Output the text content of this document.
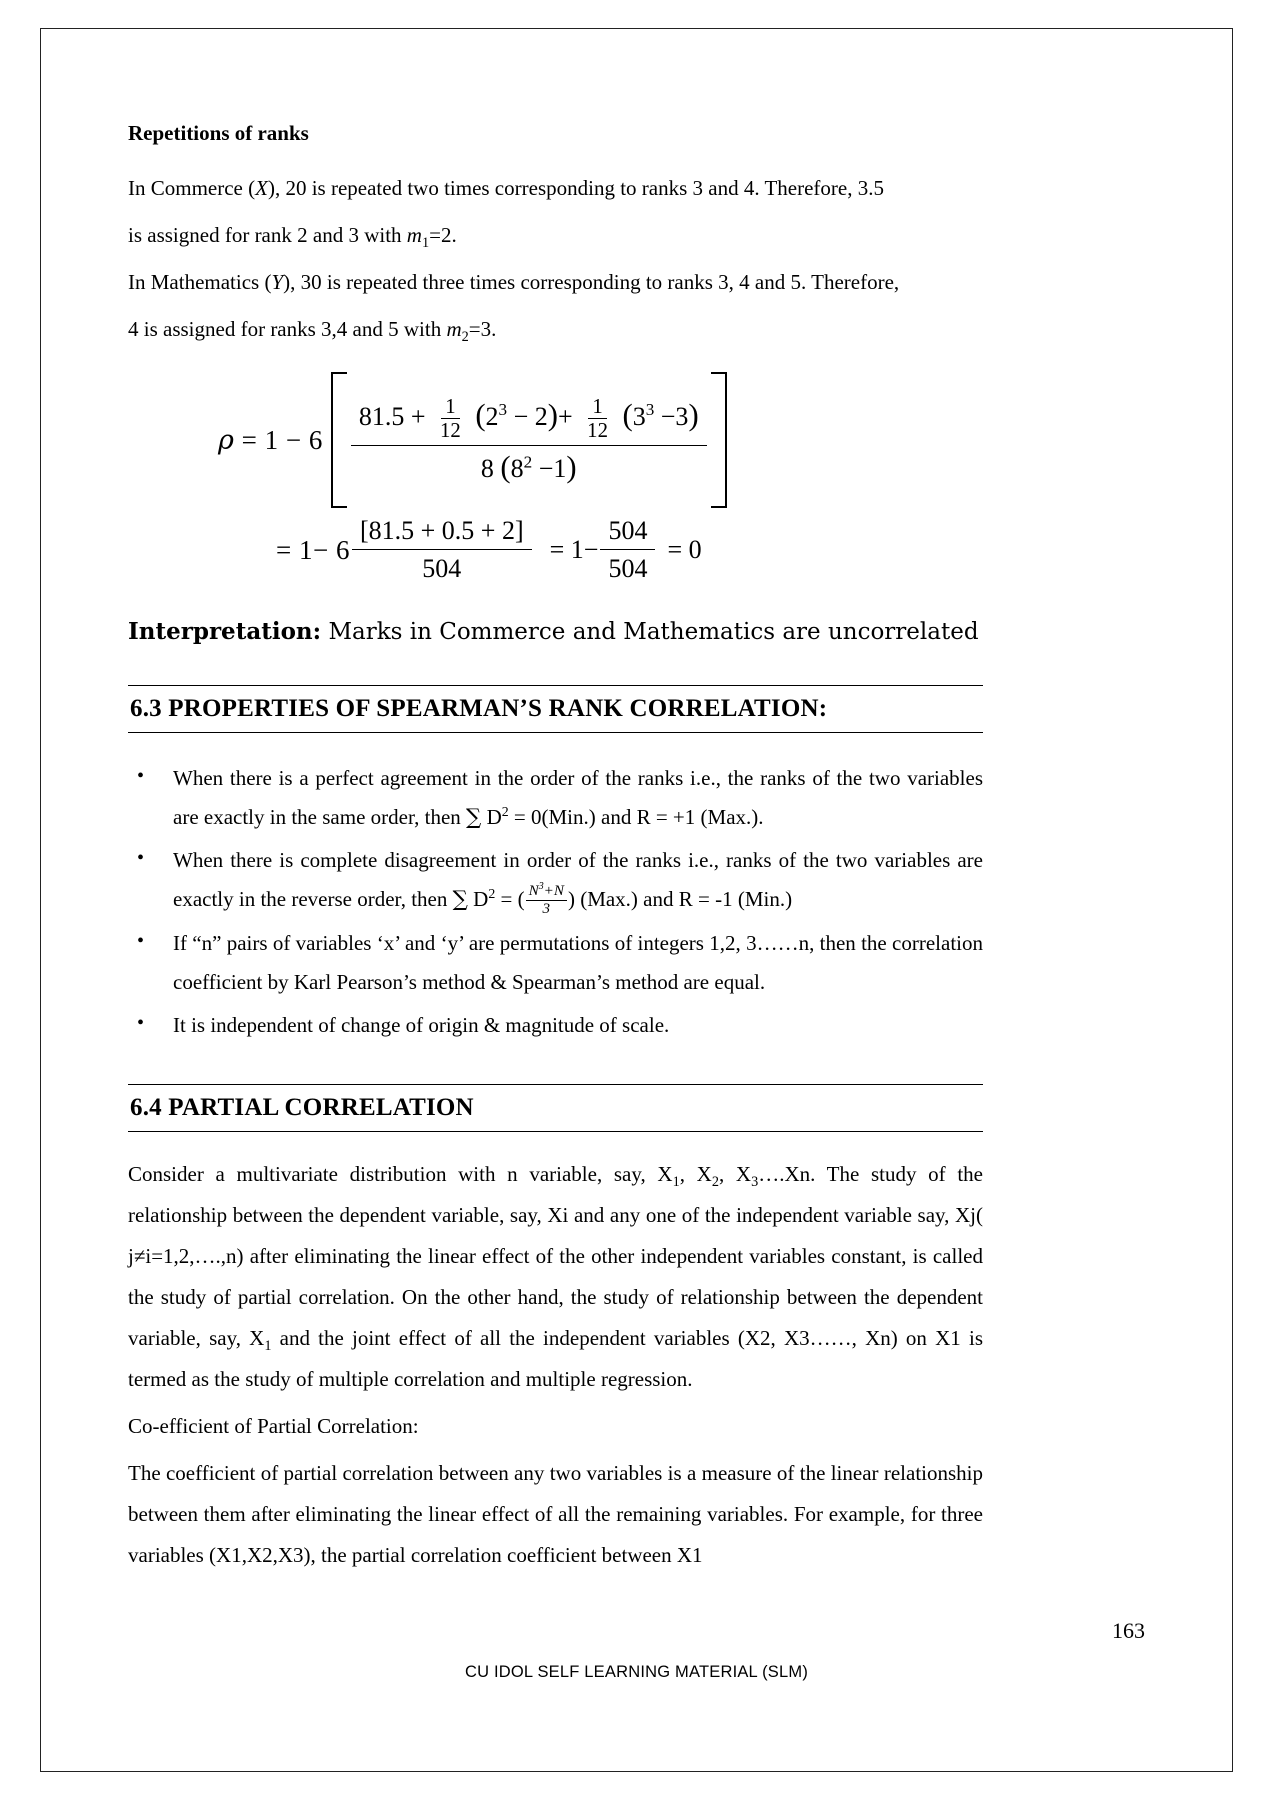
Repetitions of ranks

In Commerce (X), 20 is repeated two times corresponding to ranks 3 and 4. Therefore, 3.5

is assigned for rank 2 and 3 with $m_1=2$.

In Mathematics (Y), 30 is repeated three times corresponding to ranks 3, 4 and 5. Therefore,

4 is assigned for ranks 3,4 and 5 with $m_2=3$.

ρ = 1 − 6
$81.5 + \frac{1}{12} (2^3 - 2)+ \frac{1}{12} (3^3 -3)$
8 $(8^2 -1)$
= $1- 6 \frac{[81.5 + 0.5 + 2]}{504} = 1- \frac{504}{504} = 0$

Interpretation: Marks in Commerce and Mathematics are uncorrelated

6.3 PROPERTIES OF SPEARMAN’S RANK CORRELATION:
• When there is a perfect agreement in the order of the ranks i.e., the ranks of the two variables are exactly in the same order, then ∑ $D^2 = 0(Min.)$ and R = +1 (Max.).
• When there is complete disagreement in order of the ranks i.e., ranks of the two variables are exactly in the reverse order, then ∑ $D^2$ = ( $\frac{N^3+N}{3}$ ) (Max.) and R = -1 (Min.)
• If “n” pairs of variables ‘x’ and ‘y’ are permutations of integers 1,2, 3……n, then the correlation coefficient by Karl Pearson’s method & Spearman’s method are equal.
• It is independent of change of origin & magnitude of scale.
6.4 PARTIAL CORRELATION

Consider a multivariate distribution with n variable, say, $X_1$, $X_2$, $X_3\dots.Xn$. The study of the relationship between the dependent variable, say, Xi and any one of the independent variable say, Xj( j≠i=1,2,….,n) after eliminating the linear effect of the other independent variables constant, is called the study of partial correlation. On the other hand, the study of relationship between the dependent variable, say, $X_1$ and the joint effect of all the independent variables (X2, X3……, Xn) on X1 is termed as the study of multiple correlation and multiple regression.

Co-efficient of Partial Correlation:

The coefficient of partial correlation between any two variables is a measure of the linear relationship between them after eliminating the linear effect of all the remaining variables. For example, for three variables (X1,X2,X3), the partial correlation coefficient between X1

163
CU IDOL SELF LEARNING MATERIAL (SLM)
